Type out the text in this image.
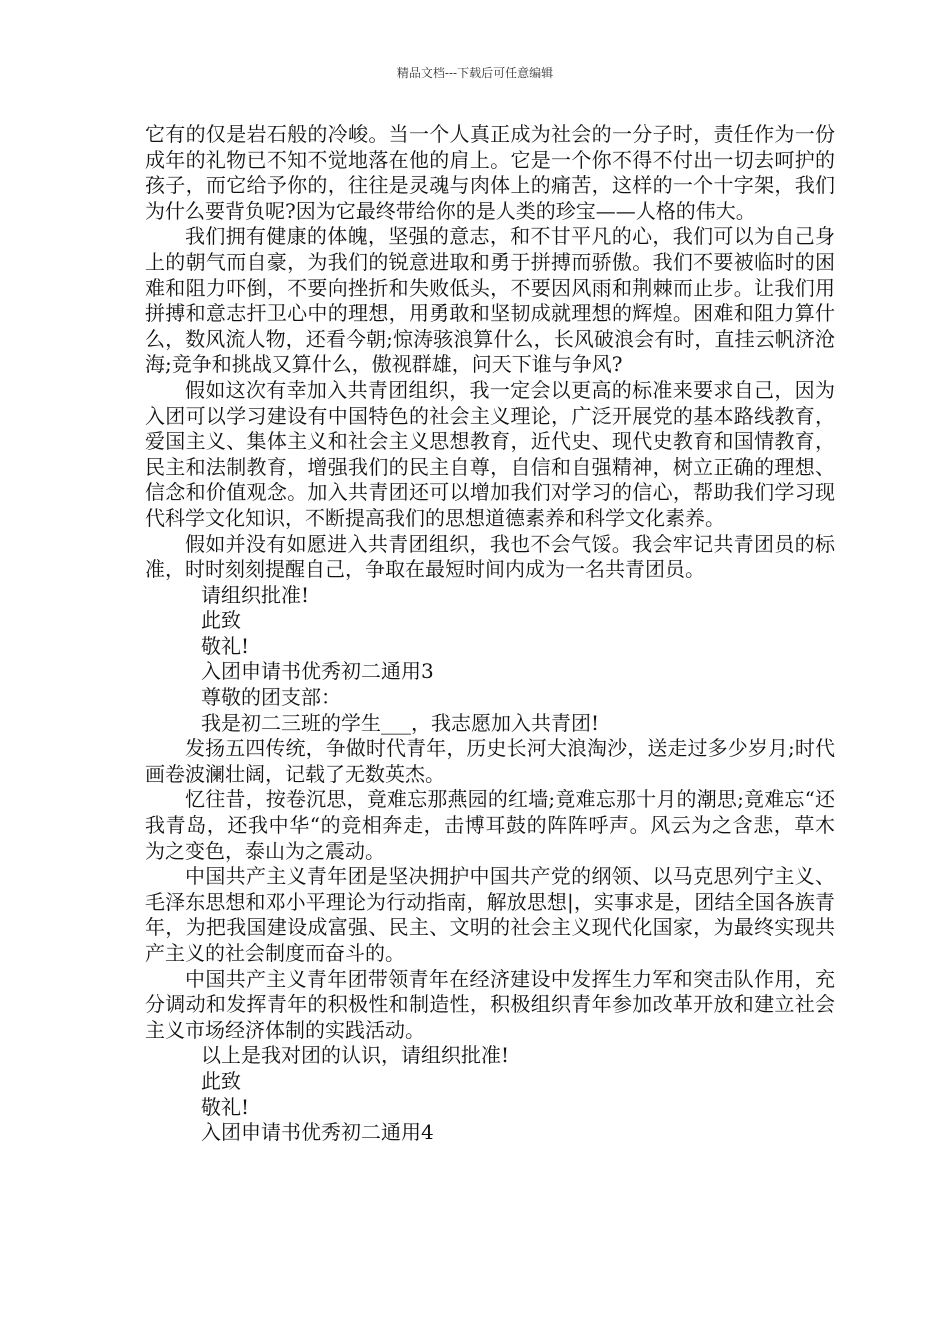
精品文档---下载后可任意编辑

它有的仅是岩石般的冷峻。当一个人真正成为社会的一分子时，责任作为一份成年的礼物已不知不觉地落在他的肩上。它是一个你不得不付出一切去呵护的孩子，而它给予你的，往往是灵魂与肉体上的痛苦，这样的一个十字架，我们为什么要背负呢?因为它最终带给你的是人类的珍宝——人格的伟大。

我们拥有健康的体魄，坚强的意志，和不甘平凡的心，我们可以为自己身上的朝气而自豪，为我们的锐意进取和勇于拼搏而骄傲。我们不要被临时的困难和阻力吓倒，不要向挫折和失败低头，不要因风雨和荆棘而止步。让我们用拼搏和意志扞卫心中的理想，用勇敢和坚韧成就理想的辉煌。困难和阻力算什么，数风流人物，还看今朝;惊涛骇浪算什么，长风破浪会有时，直挂云帆济沧海;竞争和挑战又算什么，傲视群雄，问天下谁与争风?

假如这次有幸加入共青团组织，我一定会以更高的标准来要求自己，因为入团可以学习建设有中国特色的社会主义理论，广泛开展党的基本路线教育，爱国主义、集体主义和社会主义思想教育，近代史、现代史教育和国情教育，民主和法制教育，增强我们的民主自尊，自信和自强精神，树立正确的理想、信念和价值观念。加入共青团还可以增加我们对学习的信心，帮助我们学习现代科学文化知识，不断提高我们的思想道德素养和科学文化素养。

假如并没有如愿进入共青团组织，我也不会气馁。我会牢记共青团员的标准，时时刻刻提醒自己，争取在最短时间内成为一名共青团员。

请组织批准!

此致

敬礼!

入团申请书优秀初二通用3

尊敬的团支部：

我是初二三班的学生___，我志愿加入共青团!

发扬五四传统，争做时代青年，历史长河大浪淘沙，送走过多少岁月;时代画卷波澜壮阔，记载了无数英杰。

忆往昔，按卷沉思，竟难忘那燕园的红墙;竟难忘那十月的潮思;竟难忘“还我青岛，还我中华“的竞相奔走，击博耳鼓的阵阵呼声。风云为之含悲，草木为之变色，泰山为之震动。

中国共产主义青年团是坚决拥护中国共产党的纲领、以马克思列宁主义、毛泽东思想和邓小平理论为行动指南，解放思想|，实事求是，团结全国各族青年，为把我国建设成富强、民主、文明的社会主义现代化国家，为最终实现共产主义的社会制度而奋斗的。

中国共产主义青年团带领青年在经济建设中发挥生力军和突击队作用，充分调动和发挥青年的积极性和制造性，积极组织青年参加改革开放和建立社会主义市场经济体制的实践活动。

以上是我对团的认识，请组织批准!

此致

敬礼!

入团申请书优秀初二通用4
